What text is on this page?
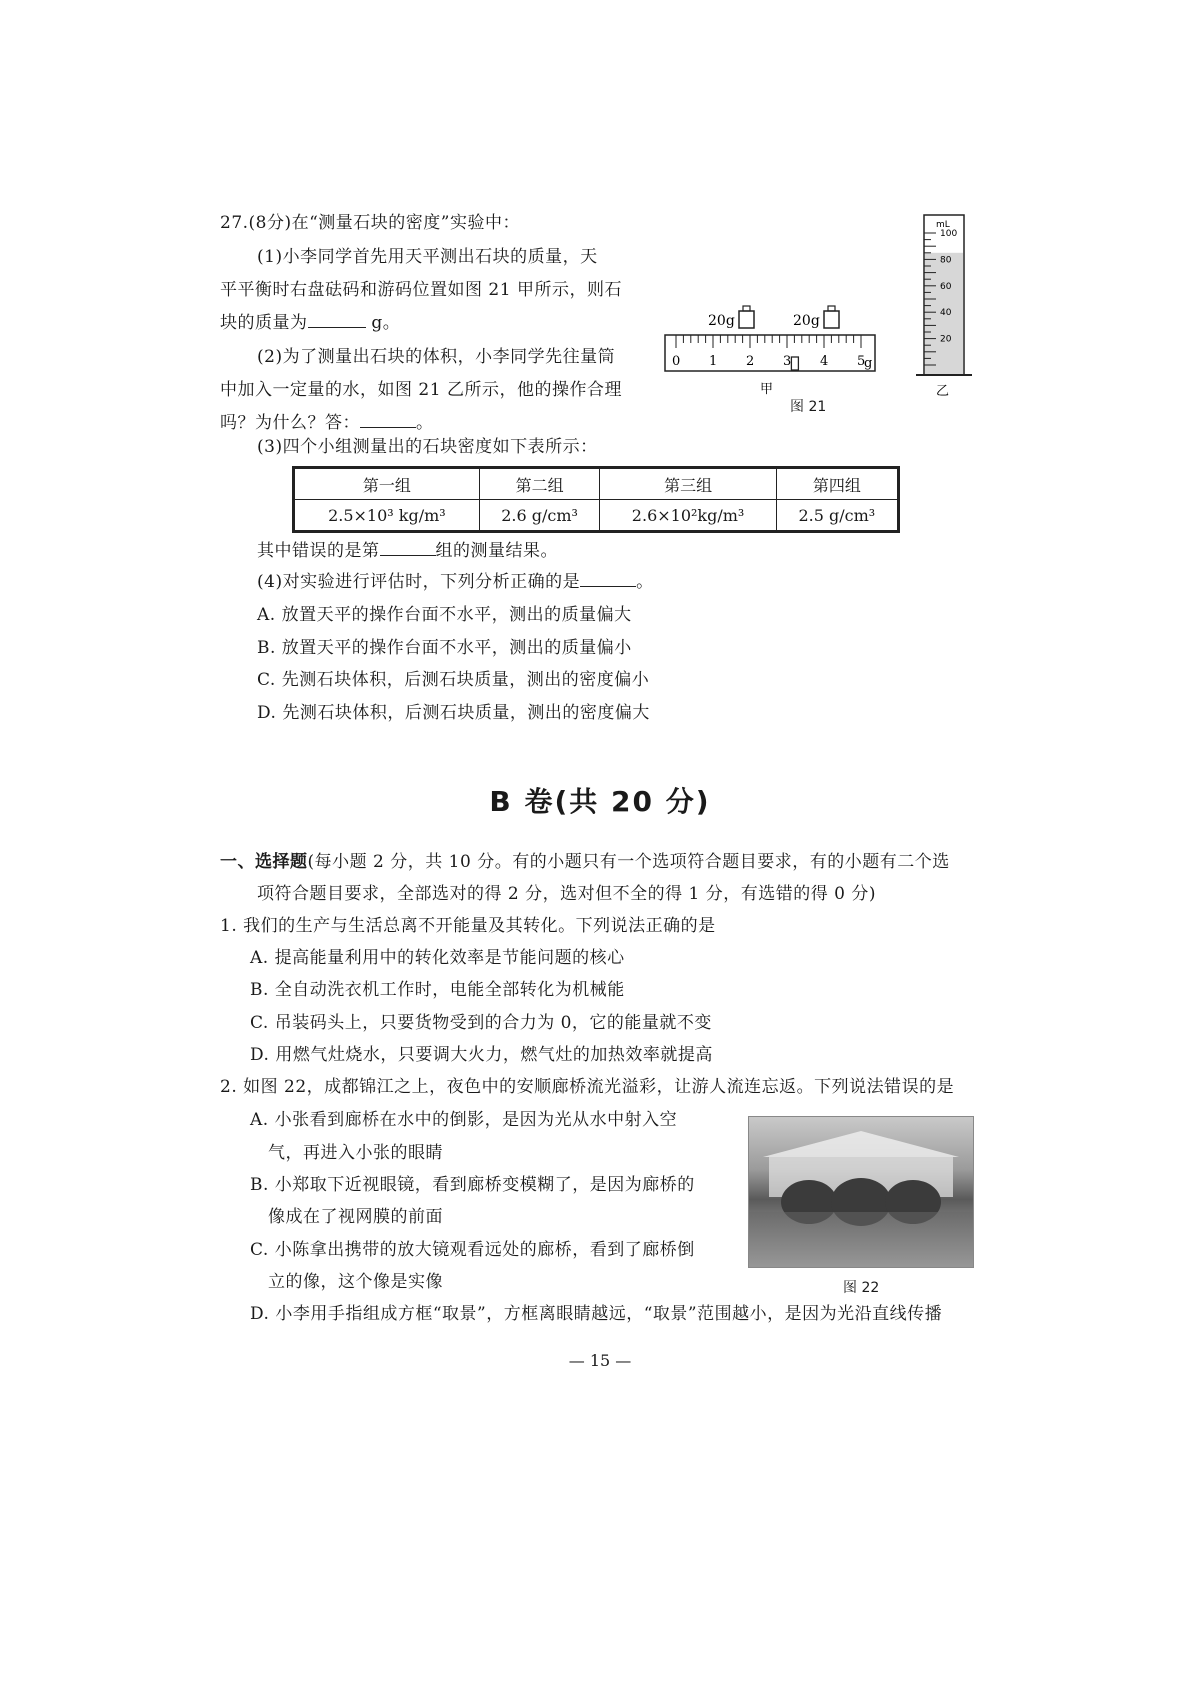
27.(8分)在“测量石块的密度”实验中：
(1)小李同学首先用天平测出石块的质量，天
平平衡时右盘砝码和游码位置如图 21 甲所示，则石
块的质量为	g。
(2)为了测量出石块的体积，小李同学先往量筒
中加入一定量的水，如图 21 乙所示，他的操作合理
吗？为什么？答：	。
(3)四个小组测量出的石块密度如下表所示：
第一组	第二组	第三组	第四组
2.5×10³ kg/m³	2.6 g/cm³	2.6×10²kg/m³	2.5 g/cm³
其中错误的是第	组的测量结果。
(4)对实验进行评估时，下列分析正确的是	。
A. 放置天平的操作台面不水平，测出的质量偏大
B. 放置天平的操作台面不水平，测出的质量偏小
C. 先测石块体积，后测石块质量，测出的密度偏小
D. 先测石块体积，后测石块质量，测出的密度偏大
20g	20g
0 1 2 3 4 5
g
甲
mL
100
80
60
40
20
乙
图 21
B 卷(共 20 分)
一、选择题(每小题 2 分，共 10 分。有的小题只有一个选项符合题目要求，有的小题有二个选
项符合题目要求，全部选对的得 2 分，选对但不全的得 1 分，有选错的得 0 分)
1. 我们的生产与生活总离不开能量及其转化。下列说法正确的是
A. 提高能量利用中的转化效率是节能问题的核心
B. 全自动洗衣机工作时，电能全部转化为机械能
C. 吊装码头上，只要货物受到的合力为 0，它的能量就不变
D. 用燃气灶烧水，只要调大火力，燃气灶的加热效率就提高
2. 如图 22，成都锦江之上，夜色中的安顺廊桥流光溢彩，让游人流连忘返。下列说法错误的是
A. 小张看到廊桥在水中的倒影，是因为光从水中射入空
气，再进入小张的眼睛
B. 小郑取下近视眼镜，看到廊桥变模糊了，是因为廊桥的
像成在了视网膜的前面
C. 小陈拿出携带的放大镜观看远处的廊桥，看到了廊桥倒
立的像，这个像是实像
D. 小李用手指组成方框“取景”，方框离眼睛越远，“取景”范围越小，是因为光沿直线传播
图 22
— 15 —
